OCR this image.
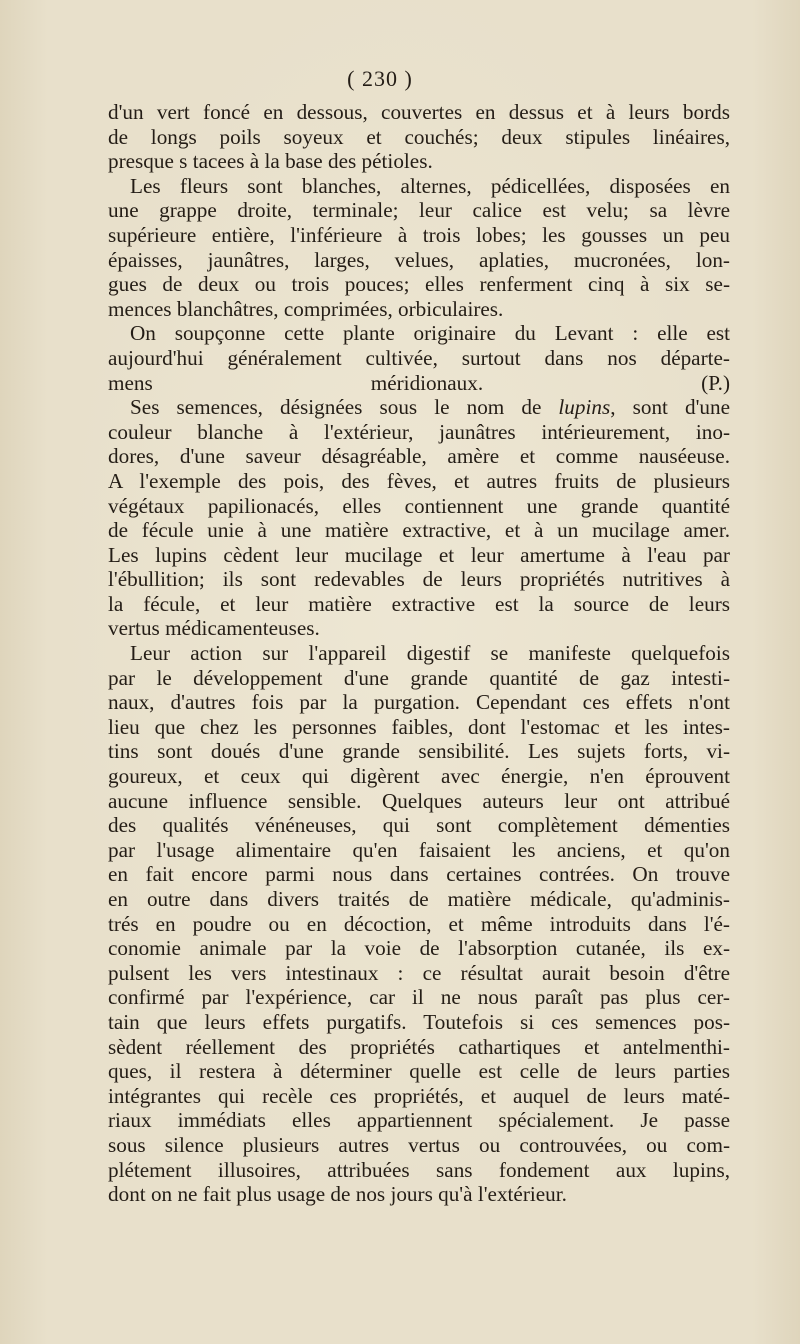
( 230 )
d'un vert foncé en dessous, couvertes en dessus et à leurs bords
de longs poils soyeux et couchés; deux stipules linéaires,
presque s tacees à la base des pétioles.
Les fleurs sont blanches, alternes, pédicellées, disposées en
une grappe droite, terminale; leur calice est velu; sa lèvre
supérieure entière, l'inférieure à trois lobes; les gousses un peu
épaisses, jaunâtres, larges, velues, aplaties, mucronées, lon-
gues de deux ou trois pouces; elles renferment cinq à six se-
mences blanchâtres, comprimées, orbiculaires.
On soupçonne cette plante originaire du Levant : elle est
aujourd'hui généralement cultivée, surtout dans nos départe-
mens méridionaux. (P.)
Ses semences, désignées sous le nom de lupins, sont d'une
couleur blanche à l'extérieur, jaunâtres intérieurement, ino-
dores, d'une saveur désagréable, amère et comme nauséeuse.
A l'exemple des pois, des fèves, et autres fruits de plusieurs
végétaux papilionacés, elles contiennent une grande quantité
de fécule unie à une matière extractive, et à un mucilage amer.
Les lupins cèdent leur mucilage et leur amertume à l'eau par
l'ébullition; ils sont redevables de leurs propriétés nutritives à
la fécule, et leur matière extractive est la source de leurs
vertus médicamenteuses.
Leur action sur l'appareil digestif se manifeste quelquefois
par le développement d'une grande quantité de gaz intesti-
naux, d'autres fois par la purgation. Cependant ces effets n'ont
lieu que chez les personnes faibles, dont l'estomac et les intes-
tins sont doués d'une grande sensibilité. Les sujets forts, vi-
goureux, et ceux qui digèrent avec énergie, n'en éprouvent
aucune influence sensible. Quelques auteurs leur ont attribué
des qualités vénéneuses, qui sont complètement démenties
par l'usage alimentaire qu'en faisaient les anciens, et qu'on
en fait encore parmi nous dans certaines contrées. On trouve
en outre dans divers traités de matière médicale, qu'adminis-
trés en poudre ou en décoction, et même introduits dans l'é-
conomie animale par la voie de l'absorption cutanée, ils ex-
pulsent les vers intestinaux : ce résultat aurait besoin d'être
confirmé par l'expérience, car il ne nous paraît pas plus cer-
tain que leurs effets purgatifs. Toutefois si ces semences pos-
sèdent réellement des propriétés cathartiques et antelmenthi-
ques, il restera à déterminer quelle est celle de leurs parties
intégrantes qui recèle ces propriétés, et auquel de leurs maté-
riaux immédiats elles appartiennent spécialement. Je passe
sous silence plusieurs autres vertus ou controuvées, ou com-
plétement illusoires, attribuées sans fondement aux lupins,
dont on ne fait plus usage de nos jours qu'à l'extérieur.
